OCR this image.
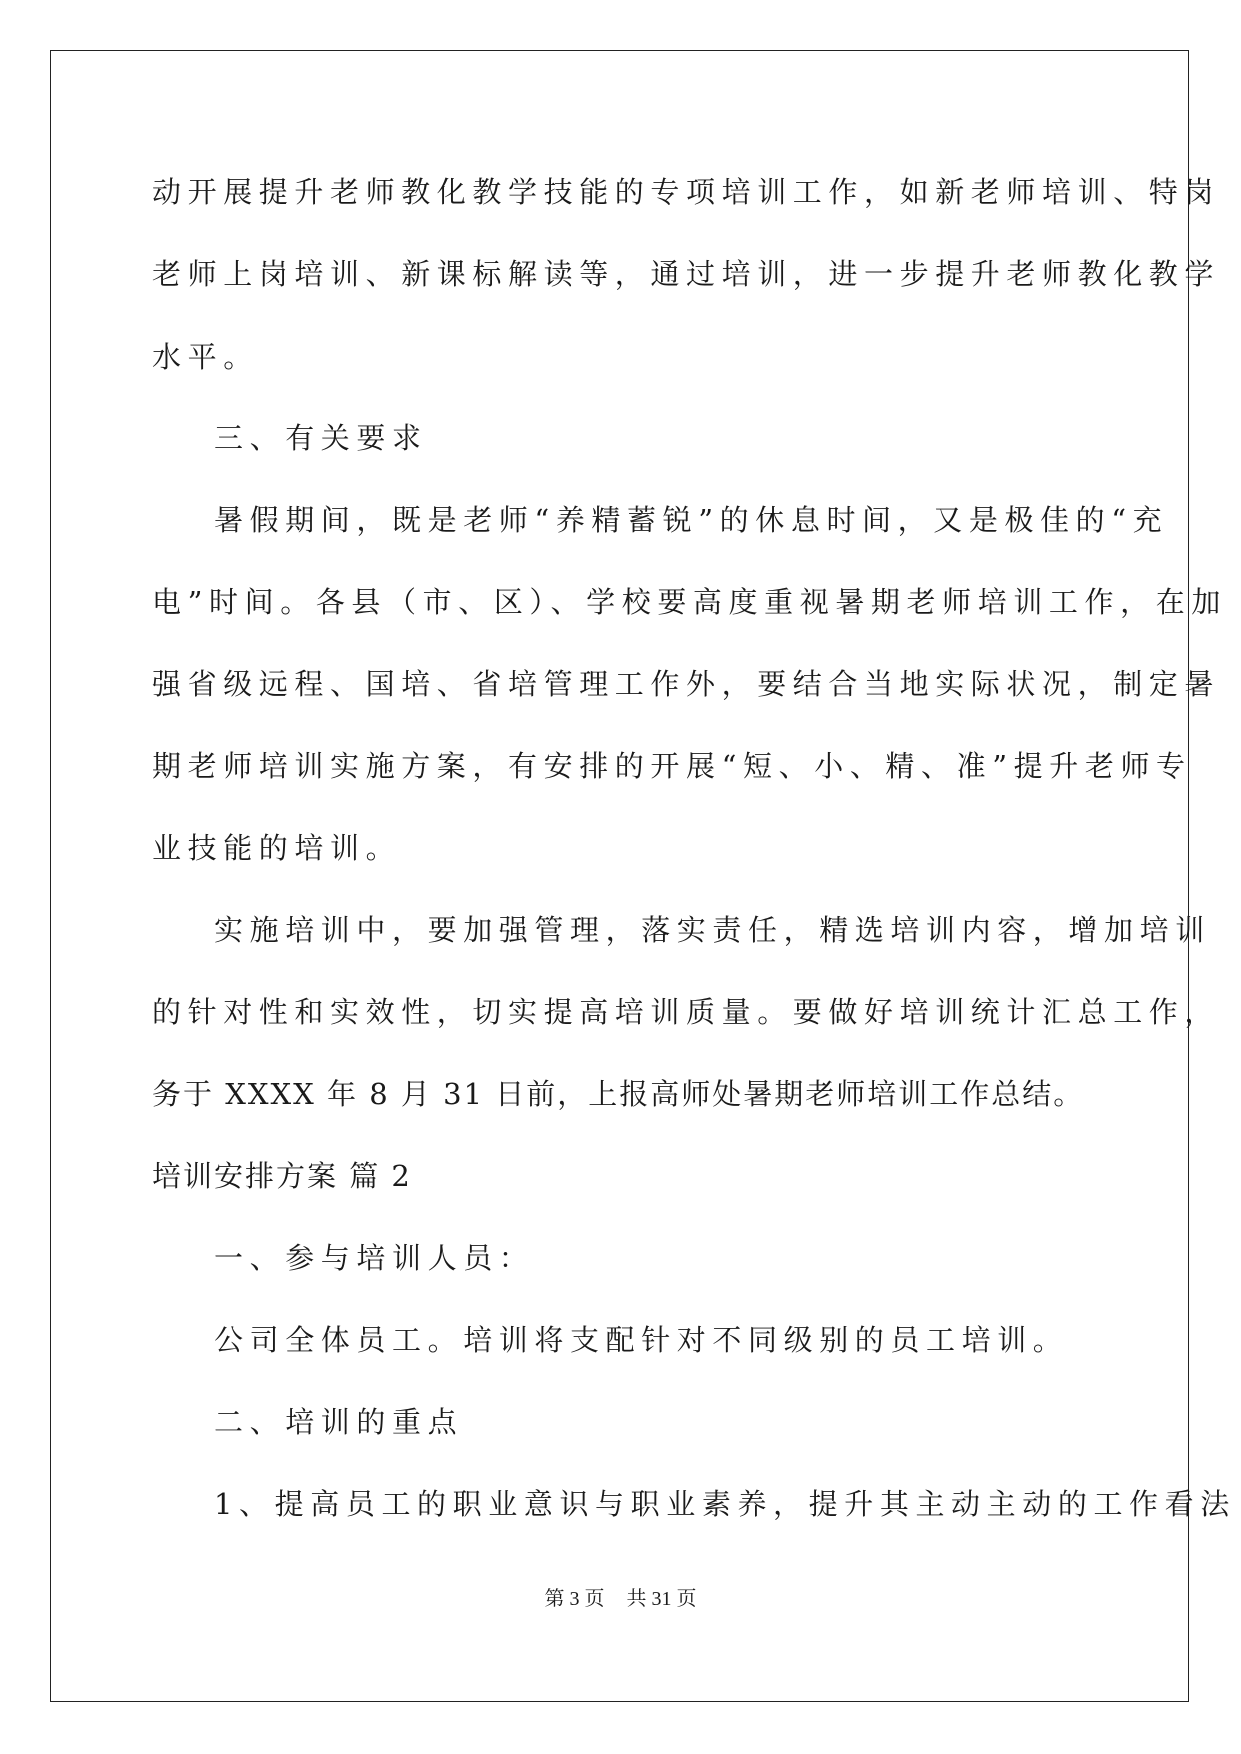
动开展提升老师教化教学技能的专项培训工作，如新老师培训、特岗
老师上岗培训、新课标解读等，通过培训，进一步提升老师教化教学
水平。
三、有关要求
暑假期间，既是老师“养精蓄锐”的休息时间，又是极佳的“充
电”时间。各县（市、区）、学校要高度重视暑期老师培训工作，在加
强省级远程、国培、省培管理工作外，要结合当地实际状况，制定暑
期老师培训实施方案，有安排的开展“短、小、精、准”提升老师专
业技能的培训。
实施培训中，要加强管理，落实责任，精选培训内容，增加培训
的针对性和实效性，切实提高培训质量。要做好培训统计汇总工作，
务于 XXXX 年 8 月 31 日前，上报高师处暑期老师培训工作总结。
培训安排方案 篇 2
一、参与培训人员：
公司全体员工。培训将支配针对不同级别的员工培训。
二、培训的重点
1、提高员工的职业意识与职业素养，提升其主动主动的工作看法
第 3 页 共 31 页
